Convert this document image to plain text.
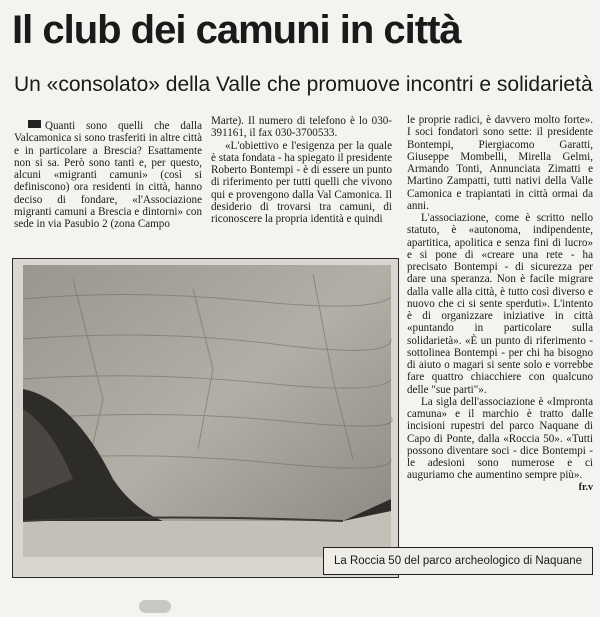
Il club dei camuni in città
Un «consolato» della Valle che promuove incontri e solidarietà

Quanti sono quelli che dalla Valcamonica si sono trasferiti in altre città e in particolare a Brescia? Esattamente non si sa. Però sono tanti e, per questo, alcuni «migranti camuni» (così si definiscono) ora residenti in città, hanno deciso di fondare, «l'Associazione migranti camuni a Brescia e dintorni» con sede in via Pasubio 2 (zona Campo

Marte). Il numero di telefono è lo 030-391161, il fax 030-3700533.

«L'obiettivo e l'esigenza per la quale è stata fondata - ha spiegato il presidente Roberto Bontempi - è di essere un punto di riferimento per tutti quelli che vivono qui e provengono dalla Val Camonica. Il desiderio di trovarsi tra camuni, di riconoscere la propria identità e quindi

le proprie radici, è davvero molto forte». I soci fondatori sono sette: il presidente Bontempi, Piergiacomo Garatti, Giuseppe Mombelli, Mirella Gelmi, Armando Tonti, Annunciata Zimatti e Martino Zampatti, tutti nativi della Valle Camonica e trapiantati in città ormai da anni.

L'associazione, come è scritto nello statuto, è «autonoma, indipendente, apartitica, apolitica e senza fini di lucro» e si pone di «creare una rete - ha precisato Bontempi - di sicurezza per dare una speranza. Non è facile migrare dalla valle alla città, è tutto così diverso e nuovo che ci si sente sperduti». L'intento è di organizzare iniziative in città «puntando in particolare sulla solidarietà». «È un punto di riferimento - sottolinea Bontempi - per chi ha bisogno di aiuto o magari si sente solo e vorrebbe fare quattro chiacchiere con qualcuno delle "sue parti"».

La sigla dell'associazione è «Impronta camuna» e il marchio è tratto dalle incisioni rupestri del parco Naquane di Capo di Ponte, dalla «Roccia 50». «Tutti possono diventare soci - dice Bontempi - le adesioni sono numerose e ci auguriamo che aumentino sempre più».
fr.v

La Roccia 50 del parco archeologico di Naquane
